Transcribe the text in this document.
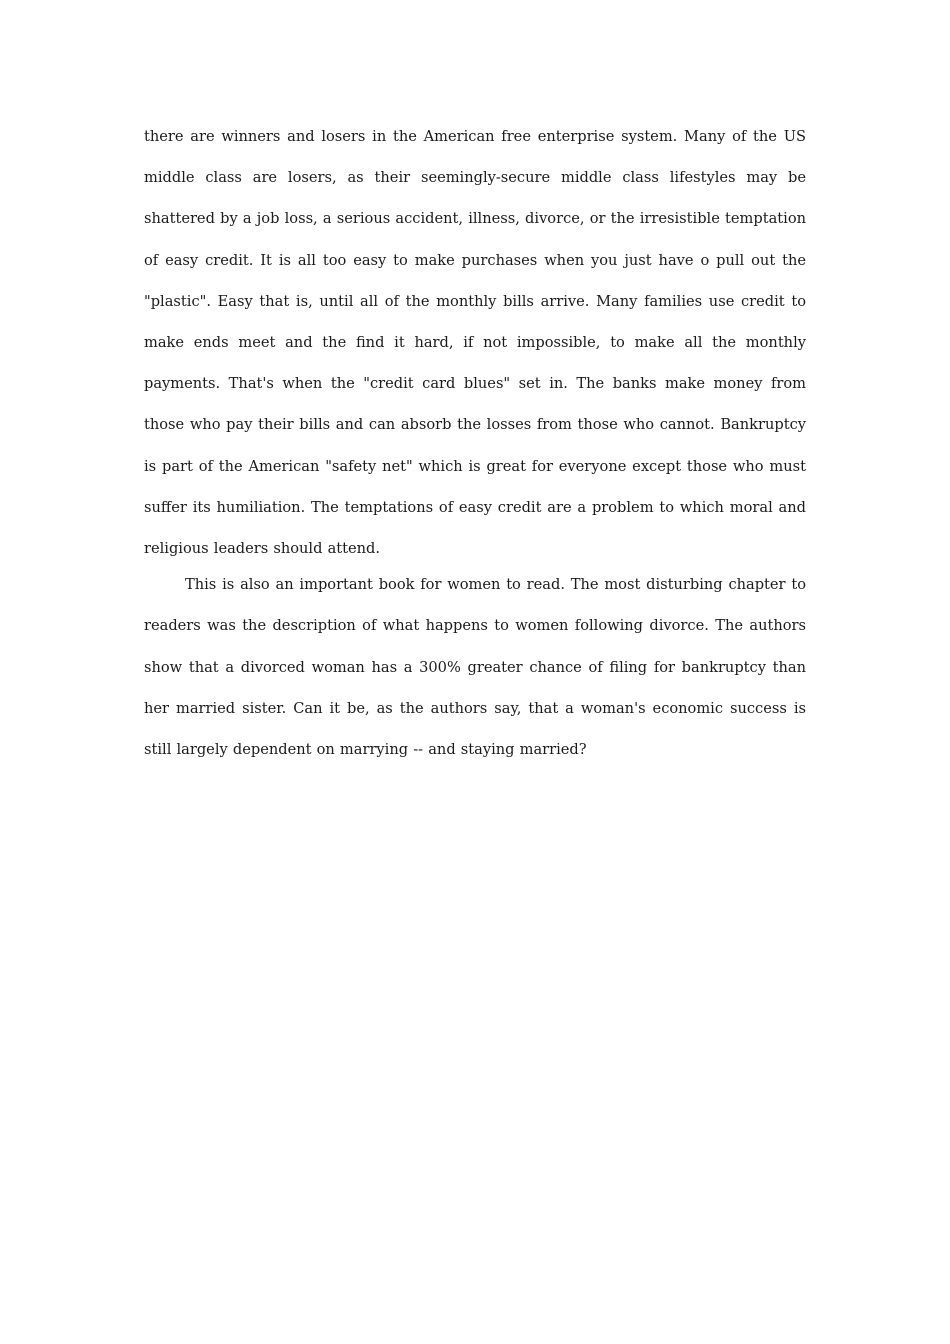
there are winners and losers in the American free enterprise system. Many of the US middle class are losers, as their seemingly-secure middle class lifestyles may be shattered by a job loss, a serious accident, illness, divorce, or the irresistible temptation of easy credit. It is all too easy to make purchases when you just have o pull out the "plastic". Easy that is, until all of the monthly bills arrive. Many families use credit to make ends meet and the find it hard, if not impossible, to make all the monthly payments. That's when the "credit card blues" set in. The banks make money from those who pay their bills and can absorb the losses from those who cannot. Bankruptcy is part of the American "safety net" which is great for everyone except those who must suffer its humiliation. The temptations of easy credit are a problem to which moral and religious leaders should attend.

This is also an important book for women to read. The most disturbing chapter to readers was the description of what happens to women following divorce. The authors show that a divorced woman has a 300% greater chance of filing for bankruptcy than her married sister. Can it be, as the authors say, that a woman's economic success is still largely dependent on marrying -- and staying married?
